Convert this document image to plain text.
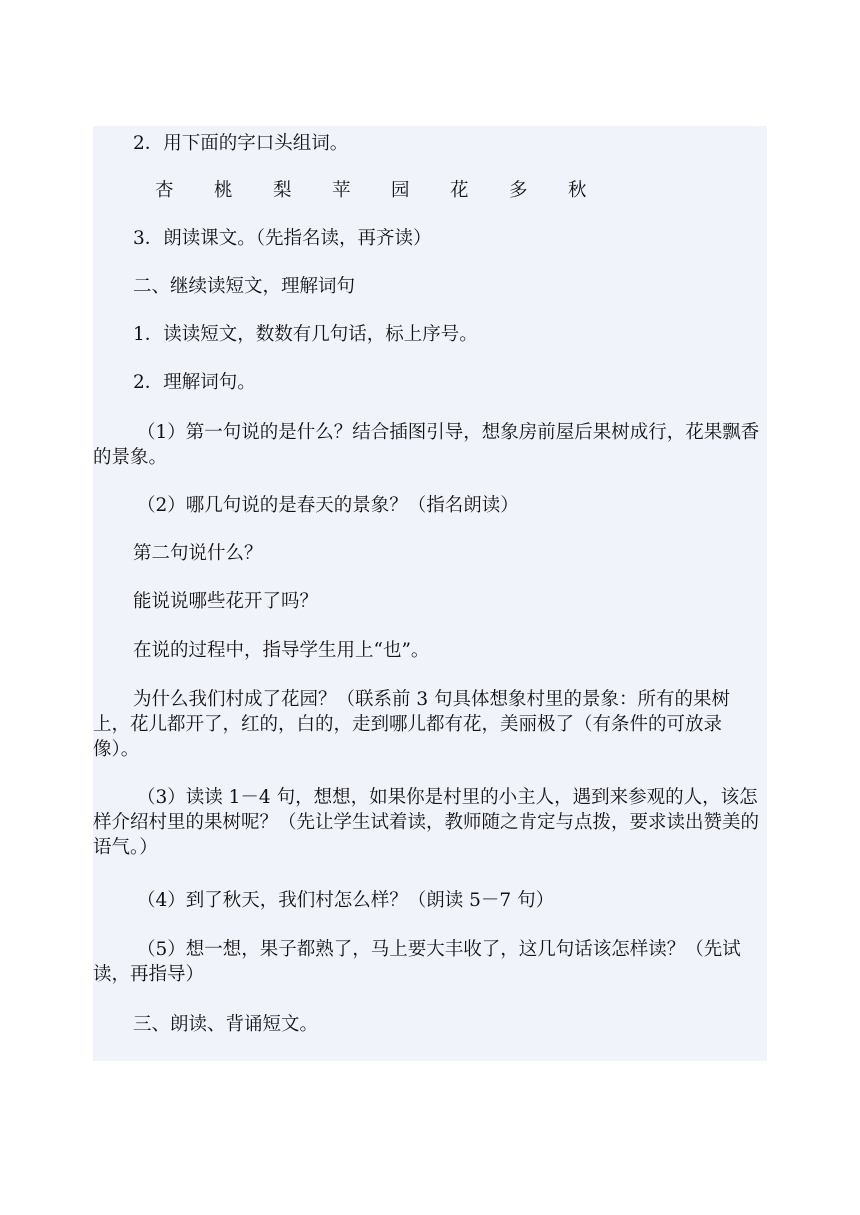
2．用下面的字口头组词。

杏	桃	梨	苹	园	花	多	秋

3．朗读课文。（先指名读，再齐读）

二、继续读短文，理解词句

1．读读短文，数数有几句话，标上序号。

2．理解词句。

（1）第一句说的是什么？结合插图引导，想象房前屋后果树成行，花果飘香的景象。

（2）哪几句说的是春天的景象？（指名朗读）

第二句说什么？

能说说哪些花开了吗？

在说的过程中，指导学生用上“也”。

为什么我们村成了花园？（联系前 3 句具体想象村里的景象：所有的果树上，花儿都开了，红的，白的，走到哪儿都有花，美丽极了（有条件的可放录像）。

（3）读读 1－4 句，想想，如果你是村里的小主人，遇到来参观的人，该怎样介绍村里的果树呢？（先让学生试着读，教师随之肯定与点拨，要求读出赞美的语气。）

（4）到了秋天，我们村怎么样？（朗读 5－7 句）

（5）想一想，果子都熟了，马上要大丰收了，这几句话该怎样读？（先试读，再指导）

三、朗读、背诵短文。
